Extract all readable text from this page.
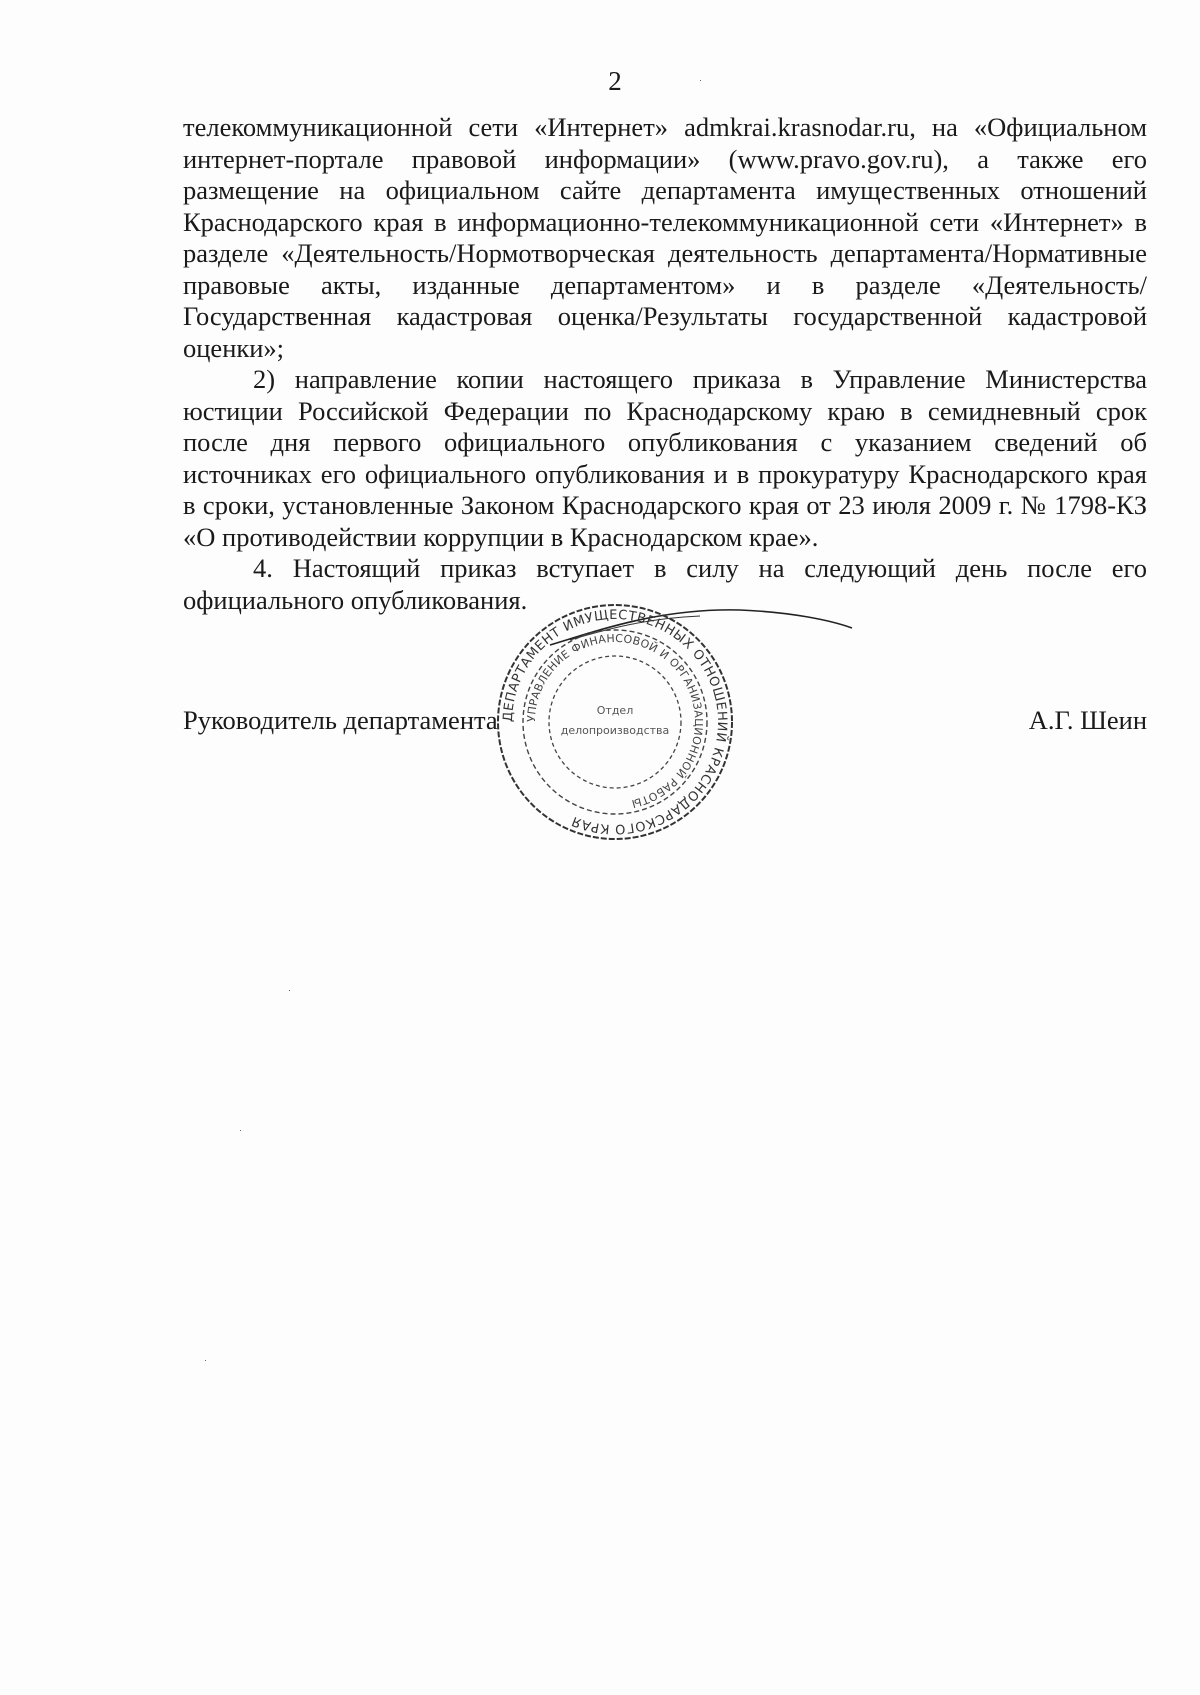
2

телекоммуникационной сети «Интернет» admkrai.krasnodar.ru, на «Официальном интернет-портале правовой информации» (www.pravo.gov.ru), а также его размещение на официальном сайте департамента имущественных отношений Краснодарского края в информационно-телекоммуникационной сети «Интернет» в разделе «Деятельность/Нормотворческая деятельность департамента/Нормативные правовые акты, изданные департаментом» и в разделе «Деятельность/Государственная кадастровая оценка/Результаты государственной кадастровой оценки»;

2) направление копии настоящего приказа в Управление Министерства юстиции Российской Федерации по Краснодарскому краю в семидневный срок после дня первого официального опубликования с указанием сведений об источниках его официального опубликования и в прокуратуру Краснодарского края в сроки, установленные Законом Краснодарского края от 23 июля 2009 г. № 1798-КЗ «О противодействии коррупции в Краснодарском крае».

4. Настоящий приказ вступает в силу на следующий день после его официального опубликования.

Руководитель департамента	А.Г. Шеин
ДЕПАРТАМЕНТ ИМУЩЕСТВЕННЫХ ОТНОШЕНИЙ КРАСНОДАРСКОГО КРАЯ
УПРАВЛЕНИЕ ФИНАНСОВОЙ И ОРГАНИЗАЦИОННОЙ РАБОТЫ
Отдел
делопроизводства
